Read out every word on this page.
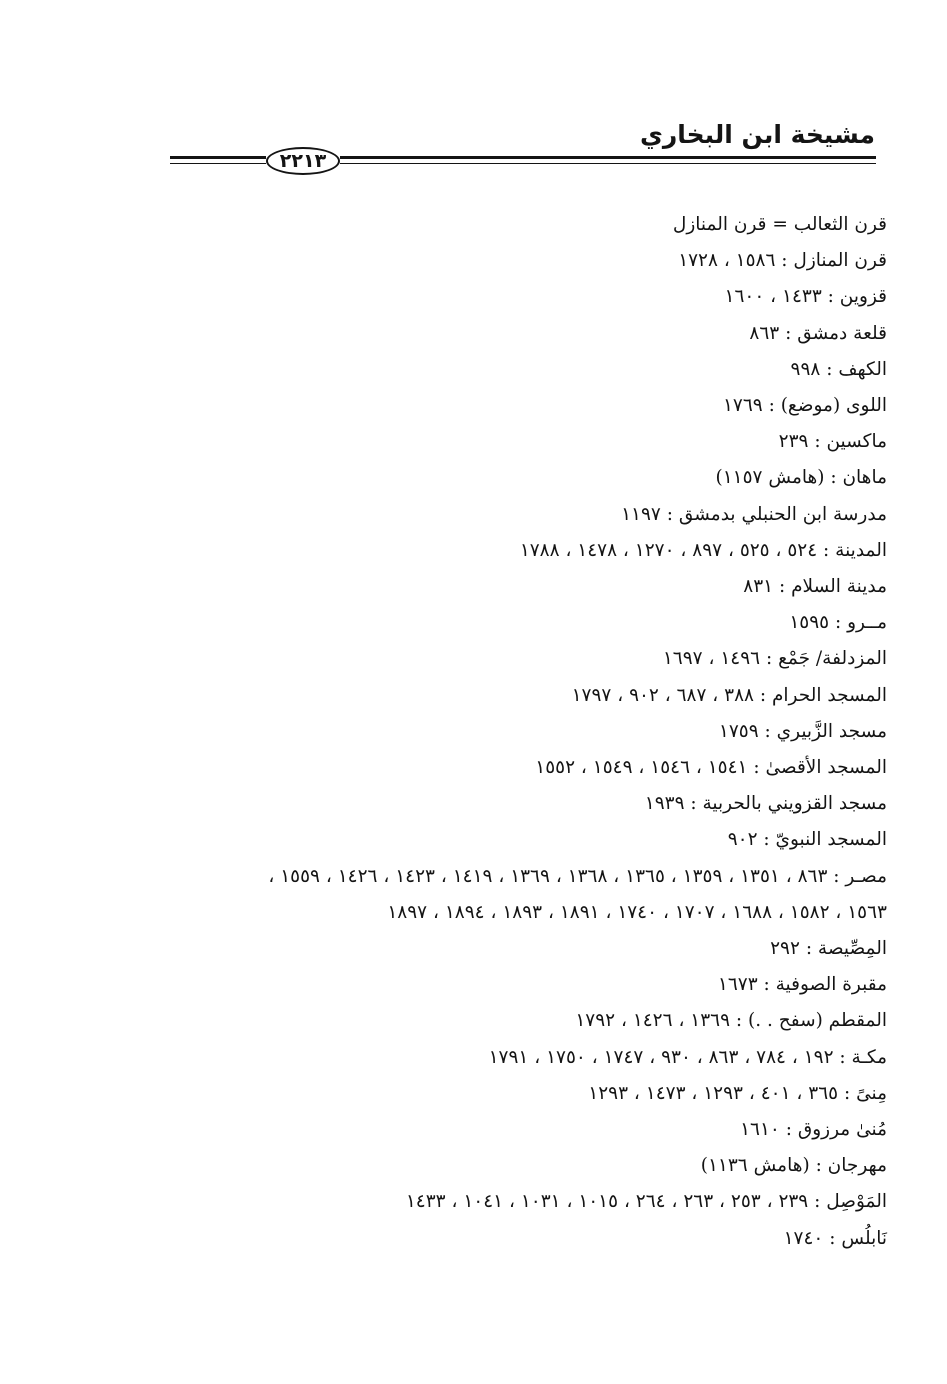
مشيخة ابن البخاري
٢٢١٣
قرن الثعالب = قرن المنازل
قرن المنازل : ١٥٨٦ ، ١٧٢٨
قزوين : ١٤٣٣ ، ١٦٠٠
قلعة دمشق : ٨٦٣
الكهف : ٩٩٨
اللوى (موضع) : ١٧٦٩
ماكسين : ٢٣٩
ماهان : (هامش ١١٥٧)
مدرسة ابن الحنبلي بدمشق : ١١٩٧
المدينة : ٥٢٤ ، ٥٢٥ ، ٨٩٧ ، ١٢٧٠ ، ١٤٧٨ ، ١٧٨٨
مدينة السلام : ٨٣١
مــرو : ١٥٩٥
المزدلفة/ جَمْع : ١٤٩٦ ، ١٦٩٧
المسجد الحرام : ٣٨٨ ، ٦٨٧ ، ٩٠٢ ، ١٧٩٧
مسجد الزَّبيري : ١٧٥٩
المسجد الأقصىٰ : ١٥٤١ ، ١٥٤٦ ، ١٥٤٩ ، ١٥٥٢
مسجد القزويني بالحربية : ١٩٣٩
المسجد النبويّ : ٩٠٢
مصـر : ٨٦٣ ، ١٣٥١ ، ١٣٥٩ ، ١٣٦٥ ، ١٣٦٨ ، ١٣٦٩ ، ١٤١٩ ، ١٤٢٣ ، ١٤٢٦ ، ١٥٥٩ ،
١٥٦٣ ، ١٥٨٢ ، ١٦٨٨ ، ١٧٠٧ ، ١٧٤٠ ، ١٨٩١ ، ١٨٩٣ ، ١٨٩٤ ، ١٨٩٧
المِصِّيصة : ٢٩٢
مقبرة الصوفية : ١٦٧٣
المقطم (سفح . .) : ١٣٦٩ ، ١٤٢٦ ، ١٧٩٢
مكـة : ١٩٢ ، ٧٨٤ ، ٨٦٣ ، ٩٣٠ ، ١٧٤٧ ، ١٧٥٠ ، ١٧٩١
مِنىً : ٣٦٥ ، ٤٠١ ، ١٢٩٣ ، ١٤٧٣ ، ١٢٩٣
مُنىٰ مرزوق : ١٦١٠
مهرجان : (هامش ١١٣٦)
المَوْصِل : ٢٣٩ ، ٢٥٣ ، ٢٦٣ ، ٢٦٤ ، ١٠١٥ ، ١٠٣١ ، ١٠٤١ ، ١٤٣٣
نَابلُس : ١٧٤٠
